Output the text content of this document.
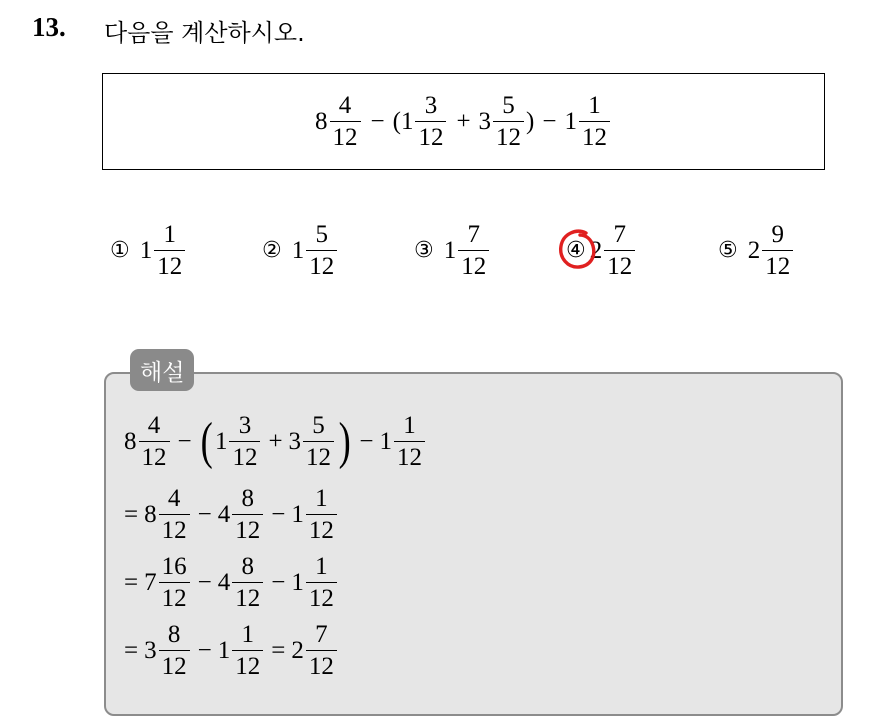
13. 다음을 계산하시오.
$8 \frac{4}{12}$ − ( $1 \frac{3}{12} + 3 \frac{5}{12}$ ) − $1 \frac{1}{12}$
① $1 \frac{1}{12}$	② $1 \frac{5}{12}$	③ $1 \frac{7}{12}$	④ $2 \frac{7}{12}$	⑤ $2 \frac{9}{12}$
해설
$8 \frac{4}{12}$ − ( $1 \frac{3}{12} + 3 \frac{5}{12}$ ) − $1 \frac{1}{12}$
= $8 \frac{4}{12} - 4 \frac{8}{12} - 1 \frac{1}{12}$
= $7 \frac{16}{12} - 4 \frac{8}{12} - 1 \frac{1}{12}$
= $3 \frac{8}{12} - 1 \frac{1}{12} = 2 \frac{7}{12}$
